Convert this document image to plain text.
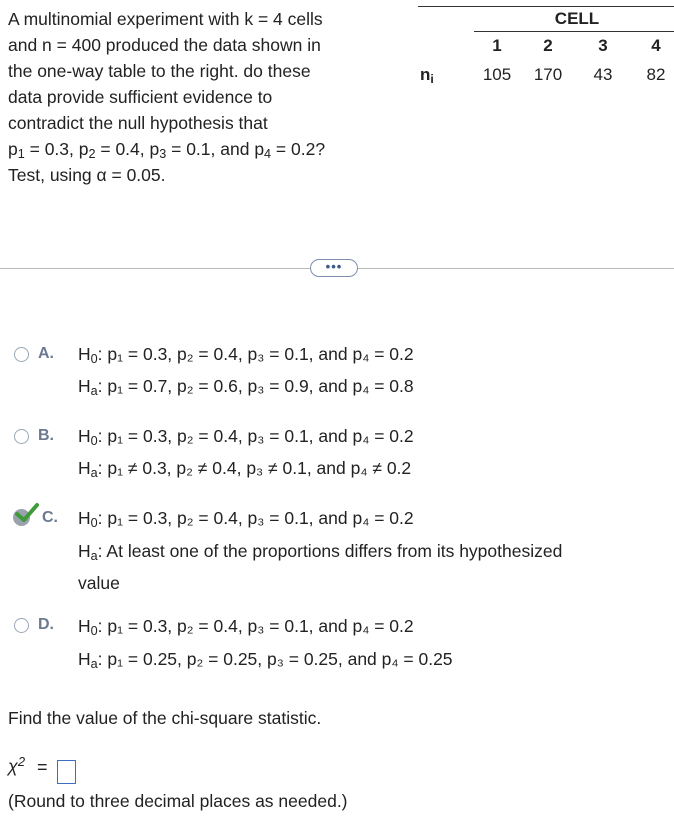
A multinomial experiment with k = 4 cells
and n = 400 produced the data shown in
the one-way table to the right. do these
data provide sufficient evidence to
contradict the null hypothesis that
$p_1 = 0.3$, $p_2 = 0.4$, $p_3 = 0.1$, and $p_4 = 0.2$?
Test, using α = 0.05.
CELL
1	2	3	4
$n_i$	105	170	43	82
•••
A. $H_0$: p₁ = 0.3, p₂ = 0.4, p₃ = 0.1, and p₄ = 0.2
$H_a$: p₁ = 0.7, p₂ = 0.6, p₃ = 0.9, and p₄ = 0.8
B. $H_0$: p₁ = 0.3, p₂ = 0.4, p₃ = 0.1, and p₄ = 0.2
$H_a$: p₁ ≠ 0.3, p₂ ≠ 0.4, p₃ ≠ 0.1, and p₄ ≠ 0.2
C. $H_0$: p₁ = 0.3, p₂ = 0.4, p₃ = 0.1, and p₄ = 0.2
$H_a$: At least one of the proportions differs from its hypothesized
value
D. $H_0$: p₁ = 0.3, p₂ = 0.4, p₃ = 0.1, and p₄ = 0.2
$H_a$: p₁ = 0.25, p₂ = 0.25, p₃ = 0.25, and p₄ = 0.25
Find the value of the chi-square statistic.
$\chi^2$ =
(Round to three decimal places as needed.)
